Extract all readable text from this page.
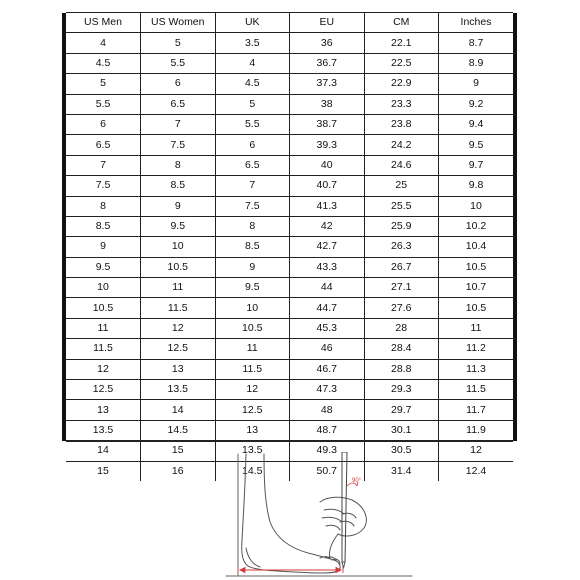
US Men	US Women	UK	EU	CM	Inches
4	5	3.5	36	22.1	8.7
4.5	5.5	4	36.7	22.5	8.9
5	6	4.5	37.3	22.9	9
5.5	6.5	5	38	23.3	9.2
6	7	5.5	38.7	23.8	9.4
6.5	7.5	6	39.3	24.2	9.5
7	8	6.5	40	24.6	9.7
7.5	8.5	7	40.7	25	9.8
8	9	7.5	41.3	25.5	10
8.5	9.5	8	42	25.9	10.2
9	10	8.5	42.7	26.3	10.4
9.5	10.5	9	43.3	26.7	10.5
10	11	9.5	44	27.1	10.7
10.5	11.5	10	44.7	27.6	10.5
11	12	10.5	45.3	28	11
11.5	12.5	11	46	28.4	11.2
12	13	11.5	46.7	28.8	11.3
12.5	13.5	12	47.3	29.3	11.5
13	14	12.5	48	29.7	11.7
13.5	14.5	13	48.7	30.1	11.9
14	15	13.5	49.3	30.5	12
15	16	14.5	50.7	31.4	12.4
90°
